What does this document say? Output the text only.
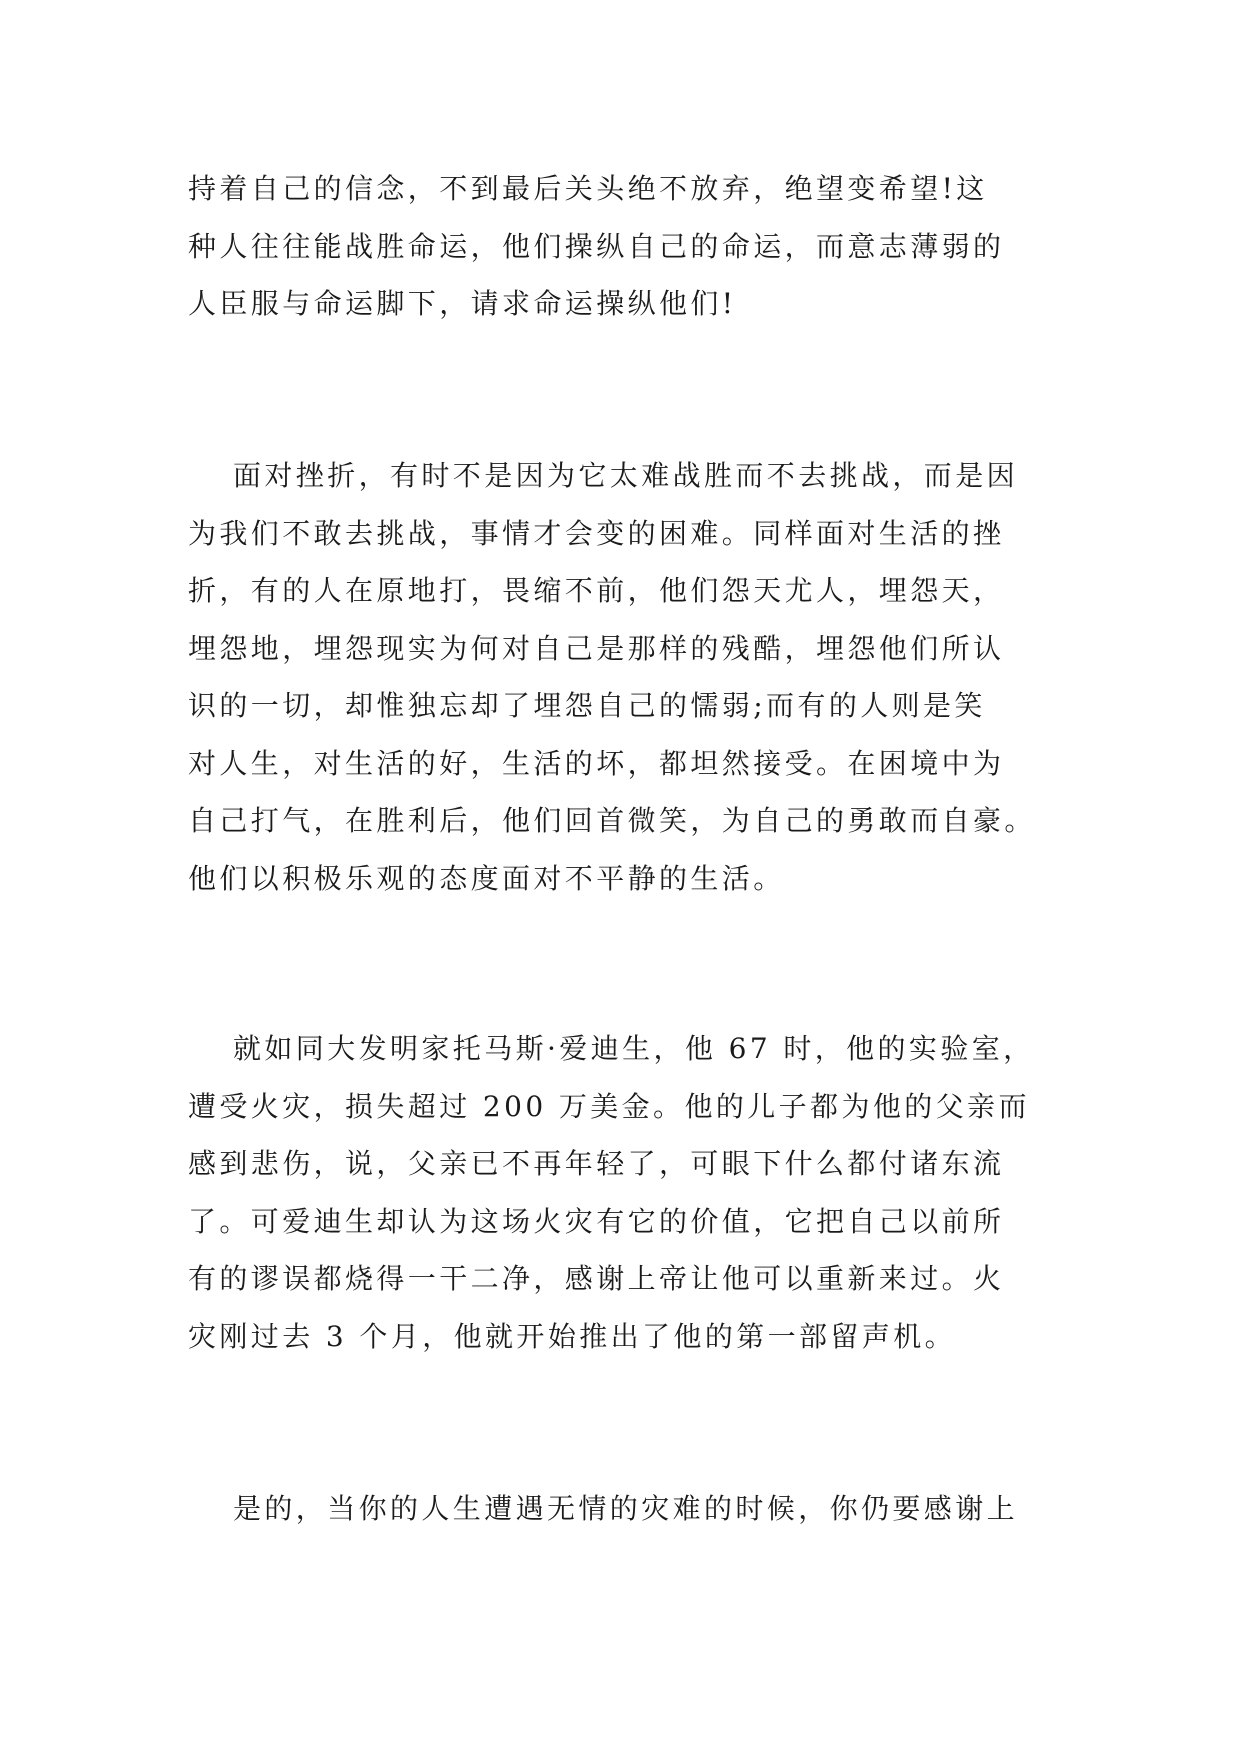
持着自己的信念，不到最后关头绝不放弃，绝望变希望!这
种人往往能战胜命运，他们操纵自己的命运，而意志薄弱的
人臣服与命运脚下，请求命运操纵他们!
面对挫折，有时不是因为它太难战胜而不去挑战，而是因
为我们不敢去挑战，事情才会变的困难。同样面对生活的挫
折，有的人在原地打，畏缩不前，他们怨天尤人，埋怨天，
埋怨地，埋怨现实为何对自己是那样的残酷，埋怨他们所认
识的一切，却惟独忘却了埋怨自己的懦弱;而有的人则是笑
对人生，对生活的好，生活的坏，都坦然接受。在困境中为
自己打气，在胜利后，他们回首微笑，为自己的勇敢而自豪。
他们以积极乐观的态度面对不平静的生活。
就如同大发明家托马斯·爱迪生，他 67 时，他的实验室，
遭受火灾，损失超过 200 万美金。他的儿子都为他的父亲而
感到悲伤，说，父亲已不再年轻了，可眼下什么都付诸东流
了。可爱迪生却认为这场火灾有它的价值，它把自己以前所
有的谬误都烧得一干二净，感谢上帝让他可以重新来过。火
灾刚过去 3 个月，他就开始推出了他的第一部留声机。
是的，当你的人生遭遇无情的灾难的时候，你仍要感谢上
